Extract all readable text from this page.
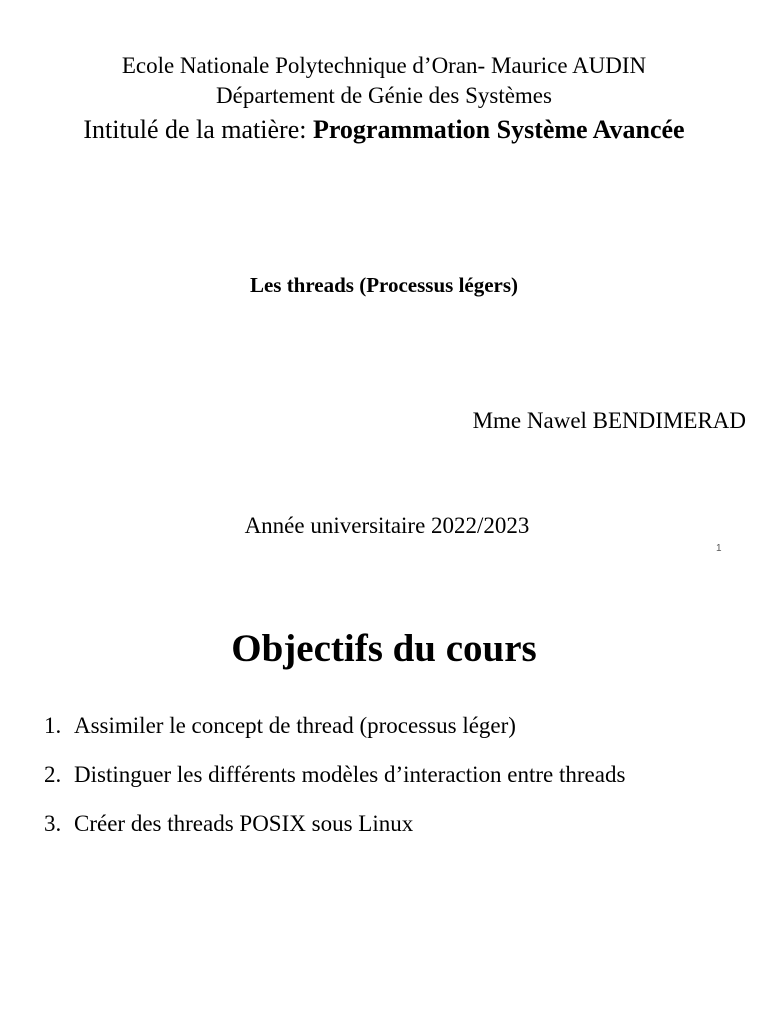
Ecole Nationale Polytechnique d’Oran- Maurice AUDIN
Département de Génie des Systèmes
Intitulé de la matière: Programmation Système Avancée
Les threads (Processus légers)
Mme Nawel BENDIMERAD
Année universitaire 2022/2023
1
Objectifs du cours
1. Assimiler le concept de thread (processus léger)
2. Distinguer les différents modèles d’interaction entre threads
3. Créer des threads POSIX sous Linux
